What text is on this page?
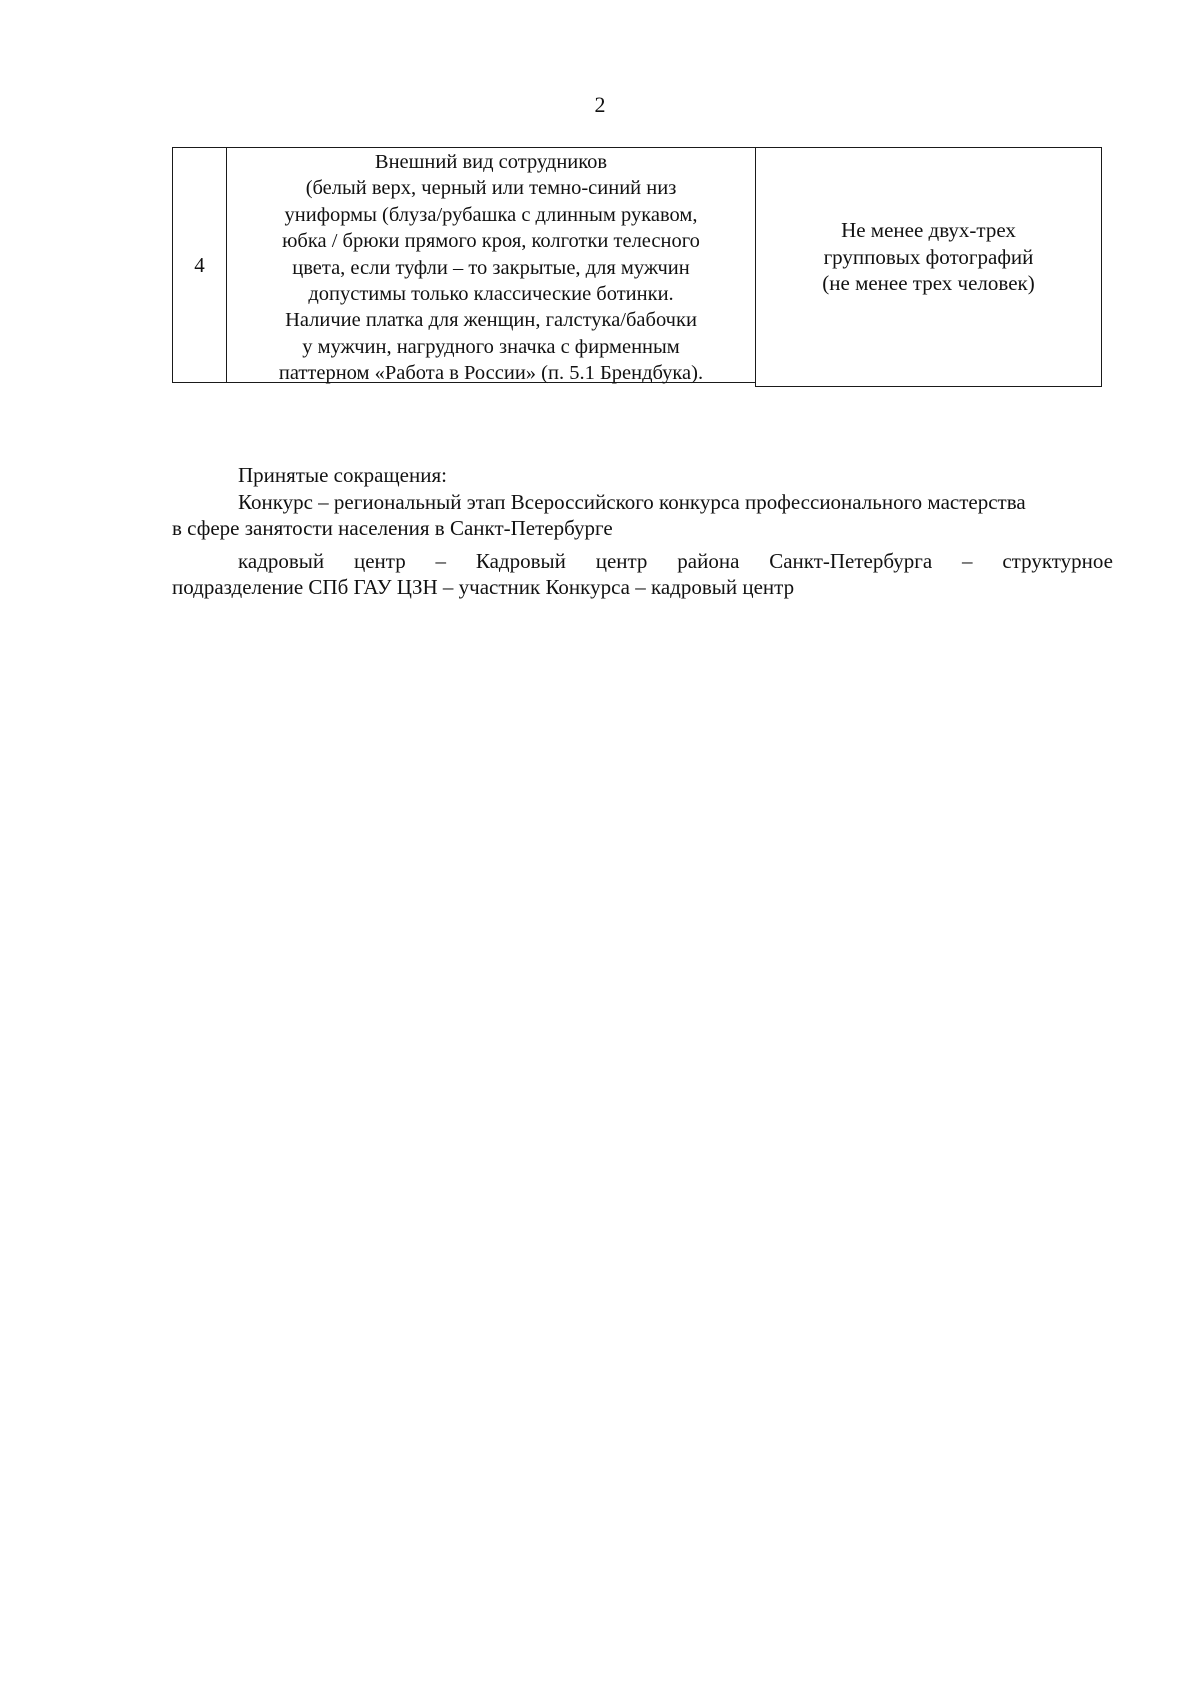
2
4
Внешний вид сотрудников
(белый верх, черный или темно-синий низ
униформы (блуза/рубашка с длинным рукавом,
юбка / брюки прямого кроя, колготки телесного
цвета, если туфли – то закрытые, для мужчин
допустимы только классические ботинки.
Наличие платка для женщин, галстука/бабочки
у мужчин, нагрудного значка с фирменным
паттерном «Работа в России» (п. 5.1 Брендбука).
Не менее двух-трех
групповых фотографий
(не менее трех человек)
Принятые сокращения:
Конкурс – региональный этап Всероссийского конкурса профессионального мастерства
в сфере занятости населения в Санкт-Петербурге
кадровый центр – Кадровый центр района Санкт-Петербурга – структурное
подразделение СПб ГАУ ЦЗН – участник Конкурса – кадровый центр
